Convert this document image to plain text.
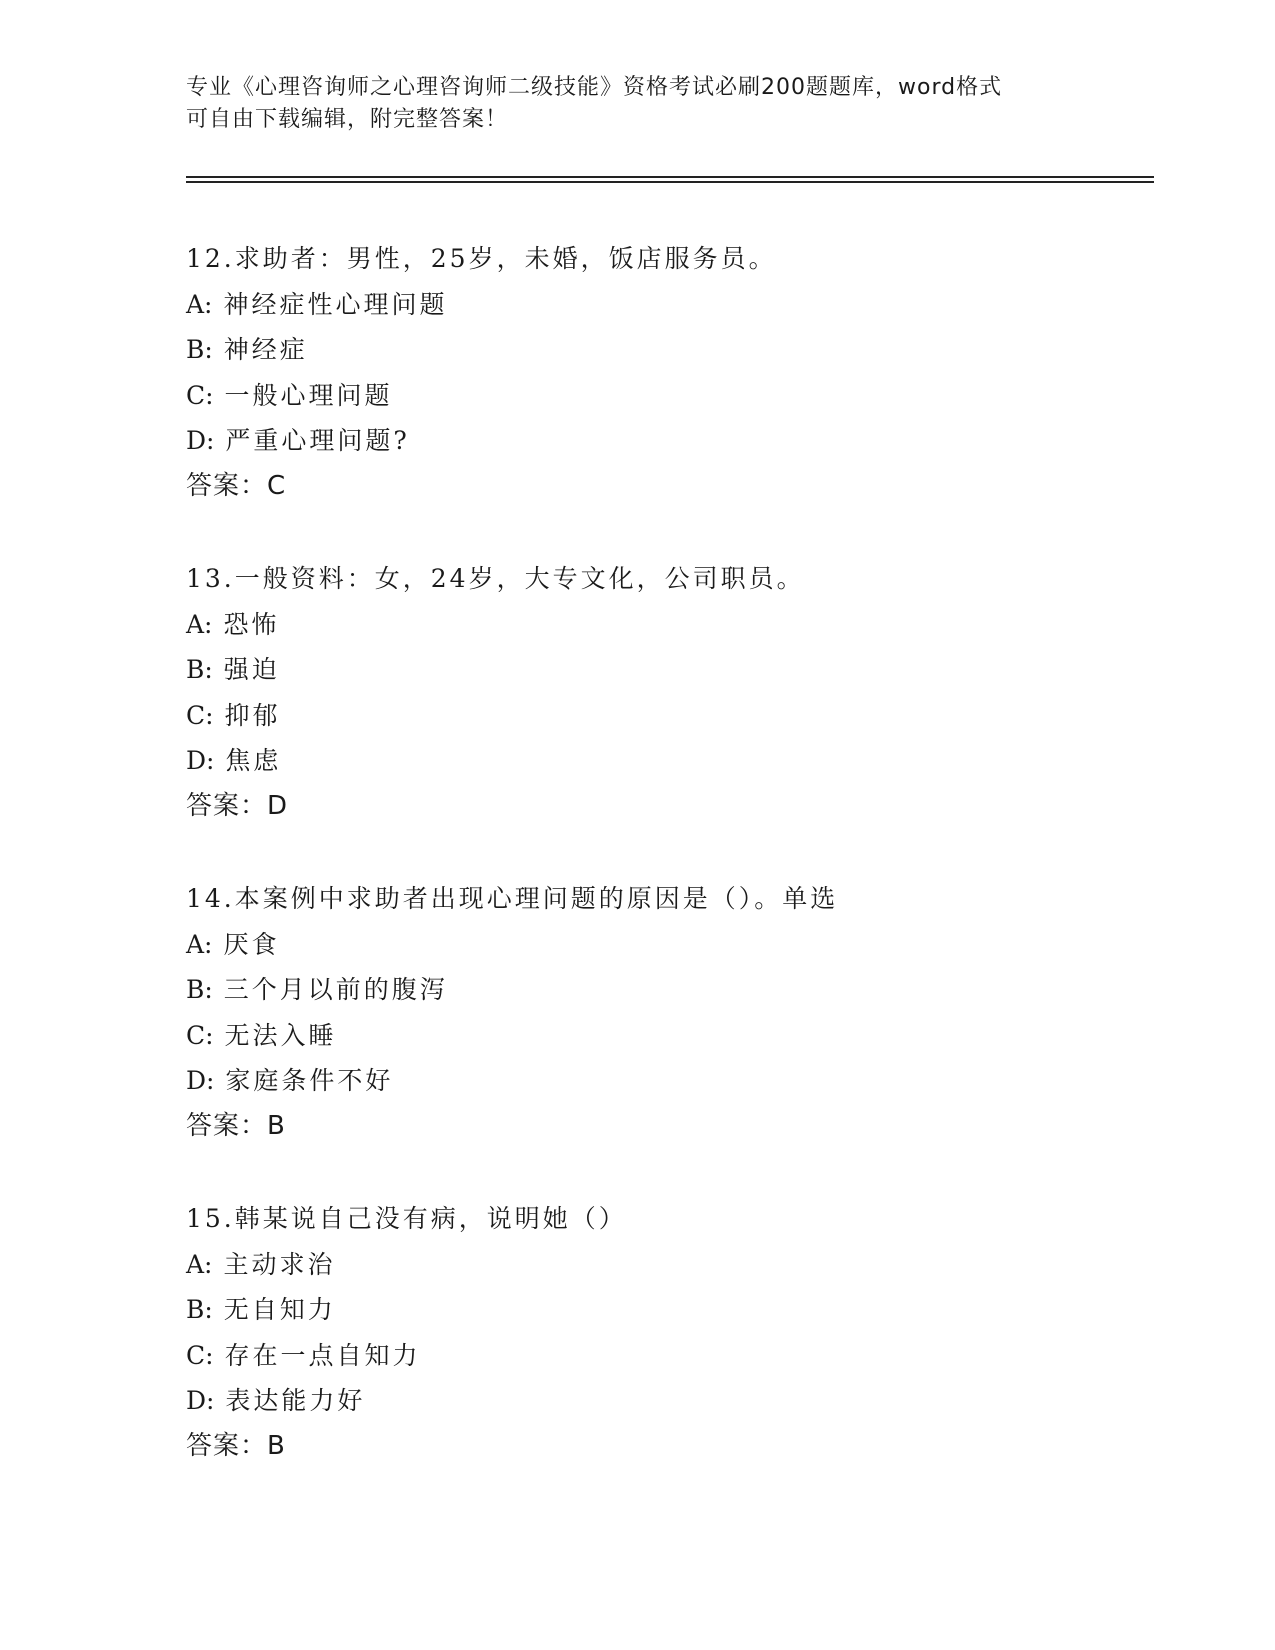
专业《心理咨询师之心理咨询师二级技能》资格考试必刷200题题库，word格式
可自由下载编辑，附完整答案！
12.求助者：男性，25岁，未婚，饭店服务员。
A: 神经症性心理问题
B: 神经症
C: 一般心理问题
D: 严重心理问题?
答案：C
13.一般资料：女，24岁，大专文化，公司职员。
A: 恐怖
B: 强迫
C: 抑郁
D: 焦虑
答案：D
14.本案例中求助者出现心理问题的原因是（）。单选
A: 厌食
B: 三个月以前的腹泻
C: 无法入睡
D: 家庭条件不好
答案：B
15.韩某说自己没有病，说明她（）
A: 主动求治
B: 无自知力
C: 存在一点自知力
D: 表达能力好
答案：B
